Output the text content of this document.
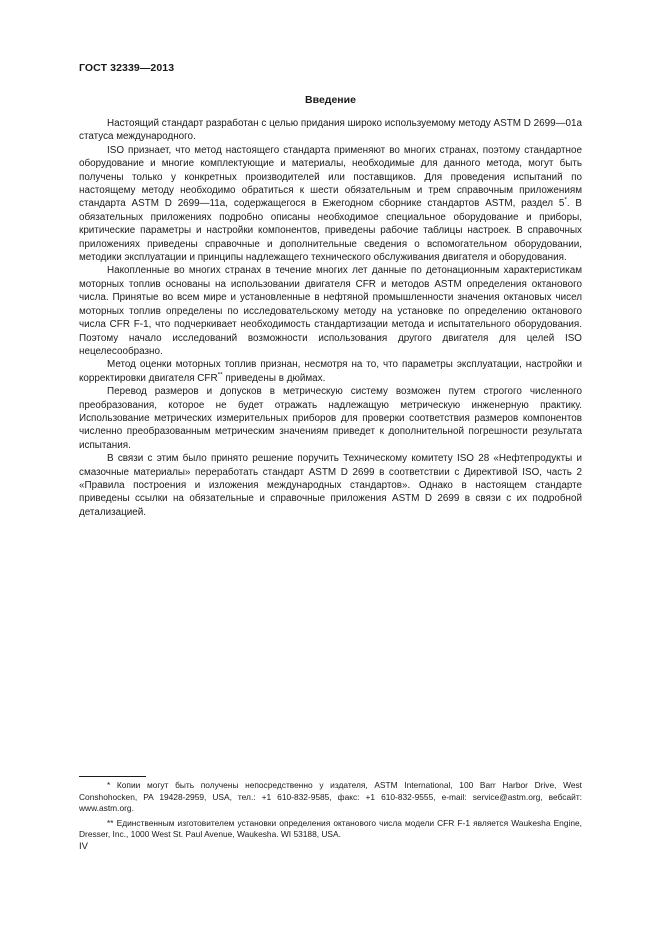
ГОСТ 32339—2013
Введение

Настоящий стандарт разработан с целью придания широко используемому методу ASTM D 2699—01a статуса международного.

ISO признает, что метод настоящего стандарта применяют во многих странах, поэтому стандартное оборудование и многие комплектующие и материалы, необходимые для данного метода, могут быть получены только у конкретных производителей или поставщиков. Для проведения испытаний по настоящему методу необходимо обратиться к шести обязательным и трем справочным приложениям стандарта ASTM D 2699—11a, содержащегося в Ежегодном сборнике стандартов ASTM, раздел 5*. В обязательных приложениях подробно описаны необходимое специальное оборудование и приборы, критические параметры и настройки компонентов, приведены рабочие таблицы настроек. В справочных приложениях приведены справочные и дополнительные сведения о вспомогательном оборудовании, методики эксплуатации и принципы надлежащего технического обслуживания двигателя и оборудования.

Накопленные во многих странах в течение многих лет данные по детонационным характеристикам моторных топлив основаны на использовании двигателя CFR и методов ASTM определения октанового числа. Принятые во всем мире и установленные в нефтяной промышленности значения октановых чисел моторных топлив определены по исследовательскому методу на установке по определению октанового числа CFR F-1, что подчеркивает необходимость стандартизации метода и испытательного оборудования. Поэтому начало исследований возможности использования другого двигателя для целей ISO нецелесообразно.

Метод оценки моторных топлив признан, несмотря на то, что параметры эксплуатации, настройки и корректировки двигателя CFR** приведены в дюймах.

Перевод размеров и допусков в метрическую систему возможен путем строгого численного преобразования, которое не будет отражать надлежащую метрическую инженерную практику. Использование метрических измерительных приборов для проверки соответствия размеров компонентов численно преобразованным метрическим значениям приведет к дополнительной погрешности результата испытания.

В связи с этим было принято решение поручить Техническому комитету ISO 28 «Нефтепродукты и смазочные материалы» переработать стандарт ASTM D 2699 в соответствии с Директивой ISO, часть 2 «Правила построения и изложения международных стандартов». Однако в настоящем стандарте приведены ссылки на обязательные и справочные приложения ASTM D 2699 в связи с их подробной детализацией.

* Копии могут быть получены непосредственно у издателя, ASTM International, 100 Barr Harbor Drive, West Conshohocken, PA 19428-2959, USA, тел.: +1 610-832-9585, факс: +1 610-832-9555, e-mail: service@astm.org, вебсайт: www.astm.org.

** Единственным изготовителем установки определения октанового числа модели CFR F-1 является Waukesha Engine, Dresser, Inc., 1000 West St. Paul Avenue, Waukesha. WI 53188, USA.

IV
